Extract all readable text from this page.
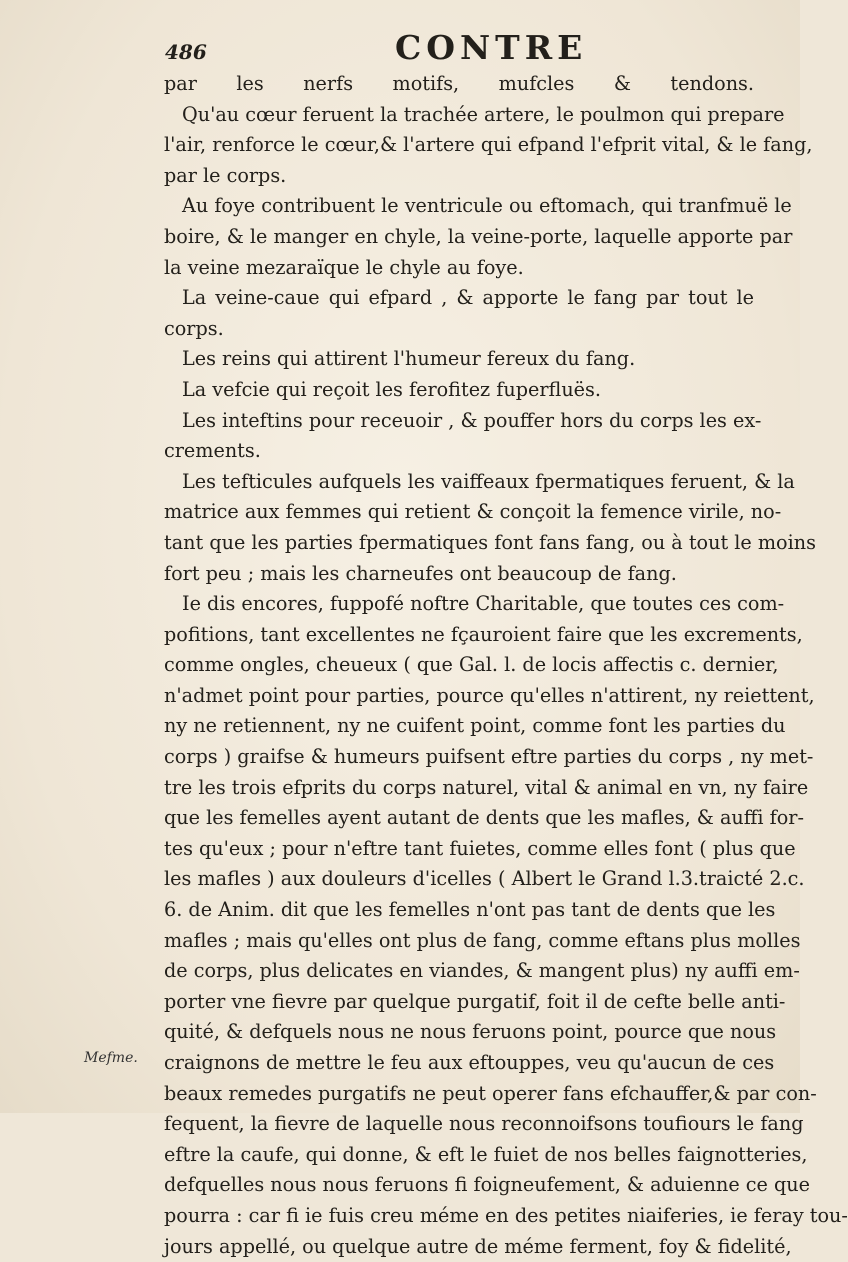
486	CONTRE
par les nerfs motifs, mufcles & tendons.
Qu'au cœur feruent la trachée artere, le poulmon qui prepare
l'air, renforce le cœur,& l'artere qui efpand l'efprit vital, & le fang,
par le corps.
Au foye contribuent le ventricule ou eftomach, qui tranfmuë le
boire, & le manger en chyle, la veine-porte, laquelle apporte par
la veine mezaraïque le chyle au foye.
La veine-caue qui efpard , & apporte le fang par tout le
corps.
Les reins qui attirent l'humeur fereux du fang.
La vefcie qui reçoit les ferofitez fuperfluës.
Les inteftins pour receuoir , & pouffer hors du corps les ex-
crements.
Les tefticules aufquels les vaiffeaux fpermatiques feruent, & la
matrice aux femmes qui retient & conçoit la femence virile, no-
tant que les parties fpermatiques font fans fang, ou à tout le moins
fort peu ; mais les charneufes ont beaucoup de fang.
Ie dis encores, fuppofé noftre Charitable, que toutes ces com-
pofitions, tant excellentes ne fçauroient faire que les excrements,
comme ongles, cheueux ( que Gal. l. de locis affectis c. dernier,
n'admet point pour parties, pource qu'elles n'attirent, ny reiettent,
ny ne retiennent, ny ne cuifent point, comme font les parties du
corps ) graifse & humeurs puifsent eftre parties du corps , ny met-
tre les trois efprits du corps naturel, vital & animal en vn, ny faire
que les femelles ayent autant de dents que les mafles, & auffi for-
tes qu'eux ; pour n'eftre tant fuietes, comme elles font ( plus que
les mafles ) aux douleurs d'icelles ( Albert le Grand l.3.traicté 2.c.
6. de Anim. dit que les femelles n'ont pas tant de dents que les
mafles ; mais qu'elles ont plus de fang, comme eftans plus molles
de corps, plus delicates en viandes, & mangent plus) ny auffi em-
porter vne fievre par quelque purgatif, foit il de cefte belle anti-
quité, & defquels nous ne nous feruons point, pource que nous
craignons de mettre le feu aux eftouppes, veu qu'aucun de ces
beaux remedes purgatifs ne peut operer fans efchauffer,& par con-
fequent, la fievre de laquelle nous reconnoifsons toufiours le fang
eftre la caufe, qui donne, & eft le fuiet de nos belles faignotteries,
defquelles nous nous feruons fi foigneufement, & aduienne ce que
pourra : car fi ie fuis creu méme en des petites niaiferies, ie feray tou-
jours appellé, ou quelque autre de méme ferment, foy & fidelité,
Mefme.
